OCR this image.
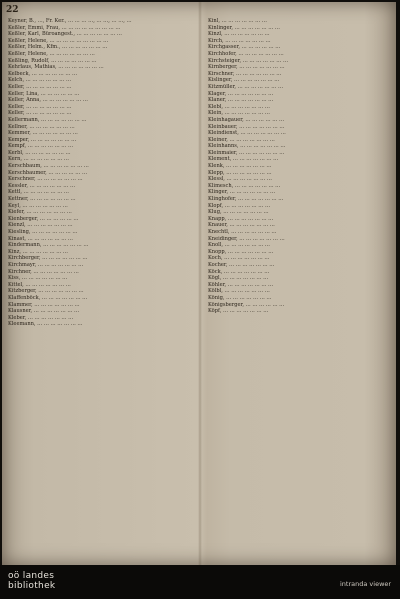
22
Keyner, B., …, Fr. Ker., … … … …, … …, … …, …
Keßler, Emmi, Frau, … … … … … … … … …
Keßler, Karl, Büroangest., … … … … … … …
Keßler, Helene, … … … … … … … … …
Keßler, Helm., Kfm., … … … … … … …
Keßler, Helene, … … … … … … …
Keßling, Rudolf, … … … … … … …
Kehrlaus, Mathias, … … … … … … …
Kelbeck, … … … … … … …
Kelch, … … … … … … …
Keller, … … … … … … …
Keller, Lina, … … … … … …
Keller, Anna, … … … … … … …
Keller, … … … … … … …
Keller, … … … … … … …
Kellermann, … … … … … … …
Kellner, … … … … … … …
Kemmer, … … … … … … …
Kemper, … … … … … … …
Kempf, … … … … … … …
Kerbl, … … … … … … …
Kern, … … … … … … …
Kerschbaum, … … … … … … …
Kerschbaumer, … … … … … …
Kerschner, … … … … … … …
Kessler, … … … … … … …
Kettl, … … … … … … …
Kettner, … … … … … … …
Keyl, … … … … … … …
Kiefer, … … … … … … …
Kienberger, … … … … … …
Kienzl, … … … … … … …
Kiesling, … … … … … … …
Kinast, … … … … … … …
Kindermann, … … … … … … …
Kinz, … … … … … … …
Kirchberger, … … … … … … …
Kirchmayr, … … … … … … …
Kirchner, … … … … … … …
Kiss, … … … … … … …
Kittel, … … … … … … …
Kitzberger, … … … … … … …
Klaffenböck, … … … … … … …
Klammer, … … … … … … …
Klausner, … … … … … … …
Kleber, … … … … … … …
Kleemann, … … … … … … …
Kinl, … … … … … … …
Kinlinger, … … … … … … …
Kinzl, … … … … … … …
Kirch, … … … … … … …
Kirchgasser, … … … … … …
Kirchhofer, … … … … … … …
Kirchsteiger, … … … … … … …
Kirnberger, … … … … … … …
Kirschner, … … … … … … …
Kislinger, … … … … … … …
Kitzmüller, … … … … … … …
Klager, … … … … … … …
Klaner, … … … … … … …
Klebl, … … … … … … …
Klein, … … … … … … …
Kleinhagauer, … … … … … …
Kleinbauer, … … … … … … …
Kleindienst, … … … … … … …
Kleiner, … … … … … … …
Kleinhanns, … … … … … … …
Kleinmaier, … … … … … … …
Klement, … … … … … … …
Klenk, … … … … … … …
Klepp, … … … … … … …
Klessl, … … … … … … …
Klimesch, … … … … … … …
Klinger, … … … … … … …
Klinghofer, … … … … … … …
Klopf, … … … … … … …
Klug, … … … … … … …
Knapp, … … … … … … …
Knauer, … … … … … … …
Knechtl, … … … … … … …
Kneidinger, … … … … … … …
Knoll, … … … … … … …
Knopp, … … … … … … …
Koch, … … … … … … …
Kocher, … … … … … … …
Köck, … … … … … … …
Kögl, … … … … … … …
Köhler, … … … … … … …
Kölbl, … … … … … … …
König, … … … … … … …
Königsberger, … … … … … …
Köpf, … … … … … … …
oö landes
bibliothek	intranda viewer
